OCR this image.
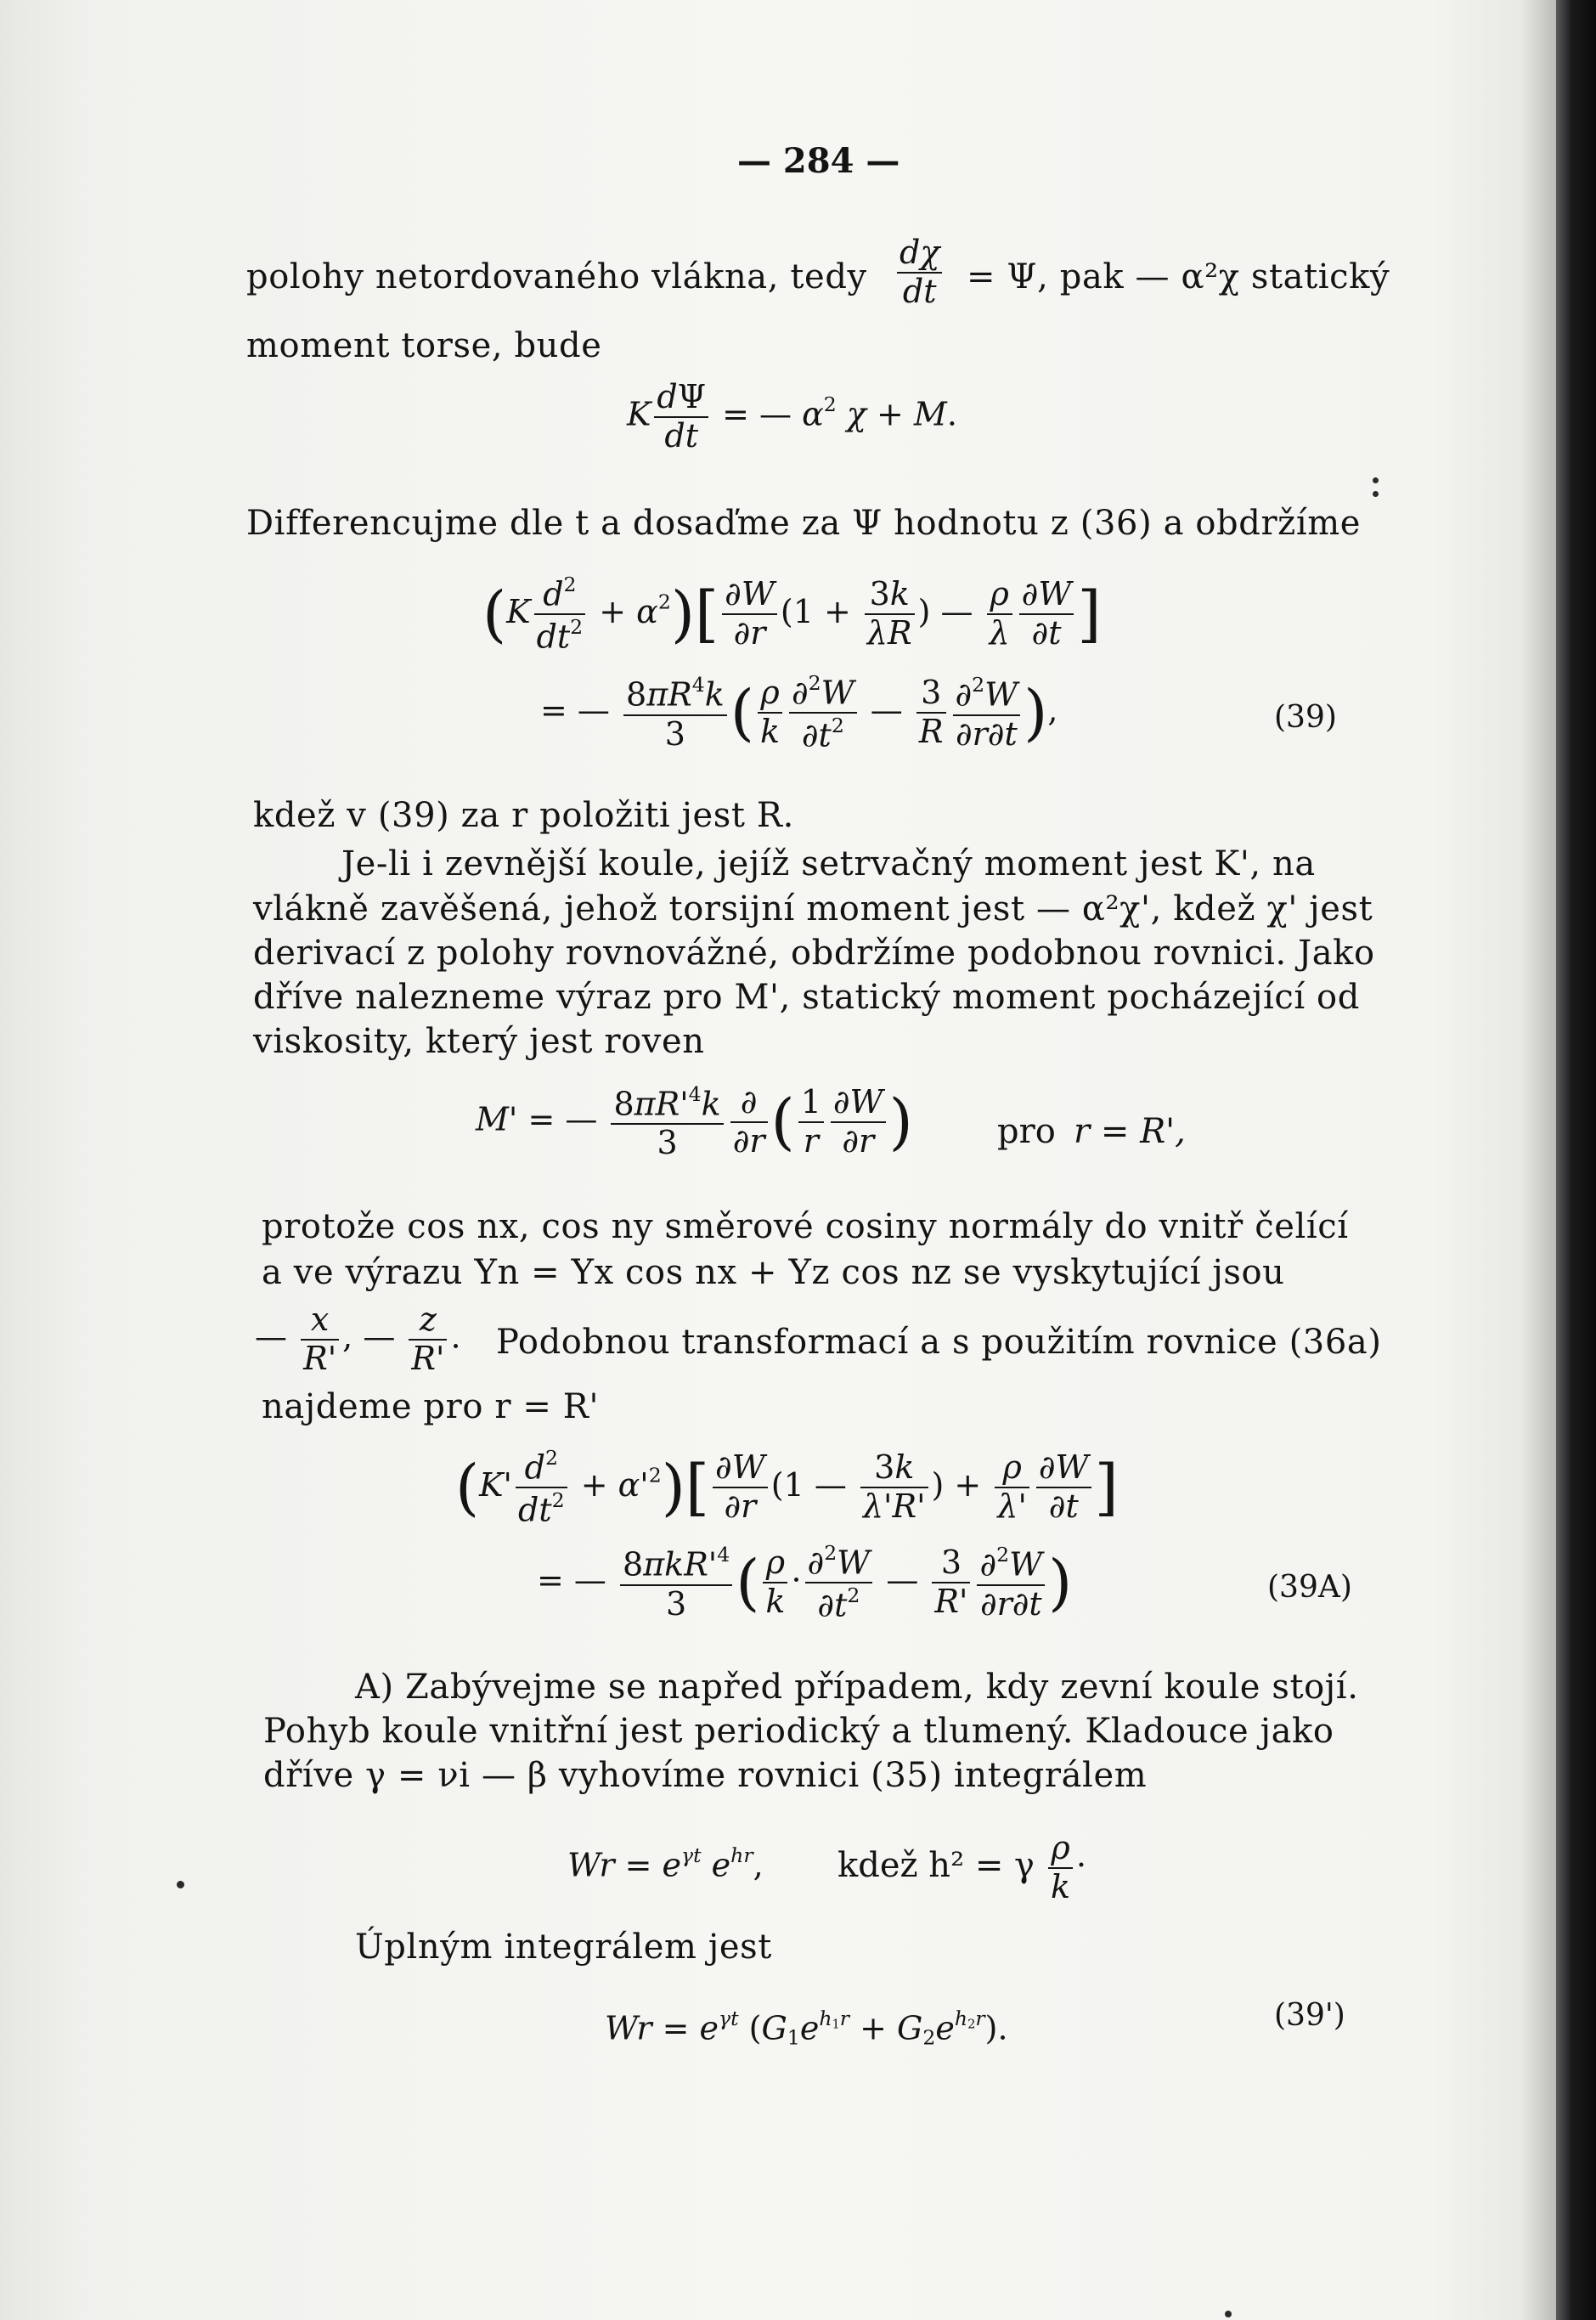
— 284 —

polohy netordovaného vlákna, tedy $\frac{d\chi}{dt} = \Psi$, pak — α²χ statický

moment torse, bude

K $\frac{d\Psi}{dt}$ = — $\alpha^2$ χ + M.

Differencujme dle t a dosaďme za Ψ hodnotu z (36) a obdržíme

$(K \frac{d^2}{dt^2} + \alpha^2)[ \frac{\partial W}{\partial r} (1 + \frac{3k}{\lambda R}$ ) — $\frac{\rho}{\lambda} \frac{\partial W}{\partial t}$ ]
= — $\frac{8\pi R^4k}{3}$ ( $\frac{\rho}{k} \frac{\partial^2W}{\partial t^2}$ — $\frac{3}{R} \frac{\partial^2W}{\partial r\partial t}$ ),	(39)

kdež v (39) za r položiti jest R.

Je-li i zevnější koule, jejíž setrvačný moment jest K', na

vlákně zavěšená, jehož torsijní moment jest — α²χ', kdež χ' jest

derivací z polohy rovnovážné, obdržíme podobnou rovnici. Jako

dříve nalezneme výraz pro M', statický moment pocházející od

viskosity, který jest roven

M' = — $\frac{8\pi R'^4k}{3} \frac{\partial}{\partial r}$ ( $\frac{1}{r} \frac{\partial W}{\partial r}$ ) pro r = R',

protože cos nx, cos ny směrové cosiny normály do vnitř čelící

a ve výrazu Yn = Yx cos nx + Yz cos nz se vyskytující jsou

— $\frac{x}{R'}$ , — $\frac{z}{R'}$ . Podobnou transformací a s použitím rovnice (36a)

najdeme pro r = R'

$(K' \frac{d^2}{dt^2} + \alpha'^2)[ \frac{\partial W}{\partial r} (1$ — $\frac{3k}{\lambda'R'}$ ) + $\frac{\rho}{\lambda'} \frac{\partial W}{\partial t}$ ]
= — $\frac{8\pi kR'^4}{3}$ ( $\frac{\rho}{k} \cdot \frac{\partial^2W}{\partial t^2}$ — $\frac{3}{R'} \frac{\partial^2W}{\partial r\partial t}$ )	(39A)

A) Zabývejme se napřed případem, kdy zevní koule stojí.

Pohyb koule vnitřní jest periodický a tlumený. Kladouce jako

dříve γ = νi — β vyhovíme rovnici (35) integrálem

$Wr = e^{\gamma t}$ $e^{hr}$, kdež h² = γ $\frac{\rho}{k}$ ·

Úplným integrálem jest

$Wr = e^{\gamma t}$ $(G_1e^{h_1r} + G_2e^{h_2r})$.	(39')
